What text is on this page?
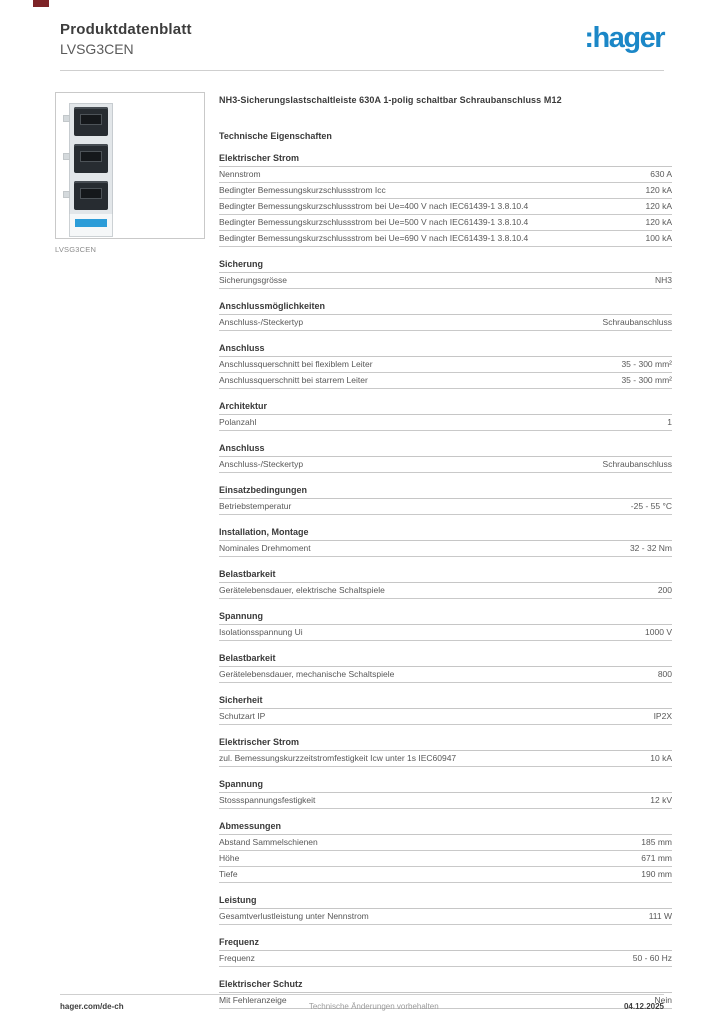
Produktdatenblatt
LVSG3CEN	:hager
LVSG3CEN
NH3-Sicherungslastschaltleiste 630A 1-polig schaltbar Schraubanschluss M12
Technische Eigenschaften
Elektrischer Strom
Nennstrom	630 A
Bedingter Bemessungskurzschlussstrom Icc	120 kA
Bedingter Bemessungskurzschlussstrom bei Ue=400 V nach IEC61439-1 3.8.10.4	120 kA
Bedingter Bemessungskurzschlussstrom bei Ue=500 V nach IEC61439-1 3.8.10.4	120 kA
Bedingter Bemessungskurzschlussstrom bei Ue=690 V nach IEC61439-1 3.8.10.4	100 kA
Sicherung
Sicherungsgrösse	NH3
Anschlussmöglichkeiten
Anschluss-/Steckertyp	Schraubanschluss
Anschluss
Anschlussquerschnitt bei flexiblem Leiter	35 - 300 mm²
Anschlussquerschnitt bei starrem Leiter	35 - 300 mm²
Architektur
Polanzahl	1
Anschluss
Anschluss-/Steckertyp	Schraubanschluss
Einsatzbedingungen
Betriebstemperatur	-25 - 55 °C
Installation, Montage
Nominales Drehmoment	32 - 32 Nm
Belastbarkeit
Gerätelebensdauer, elektrische Schaltspiele	200
Spannung
Isolationsspannung Ui	1000 V
Belastbarkeit
Gerätelebensdauer, mechanische Schaltspiele	800
Sicherheit
Schutzart IP	IP2X
Elektrischer Strom
zul. Bemessungskurzzeitstromfestigkeit Icw unter 1s IEC60947	10 kA
Spannung
Stossspannungsfestigkeit	12 kV
Abmessungen
Abstand Sammelschienen	185 mm
Höhe	671 mm
Tiefe	190 mm
Leistung
Gesamtverlustleistung unter Nennstrom	111 W
Frequenz
Frequenz	50 - 60 Hz
Elektrischer Schutz
Mit Fehleranzeige	Nein
hager.com/de-ch	Technische Änderungen vorbehalten	04.12.2025
